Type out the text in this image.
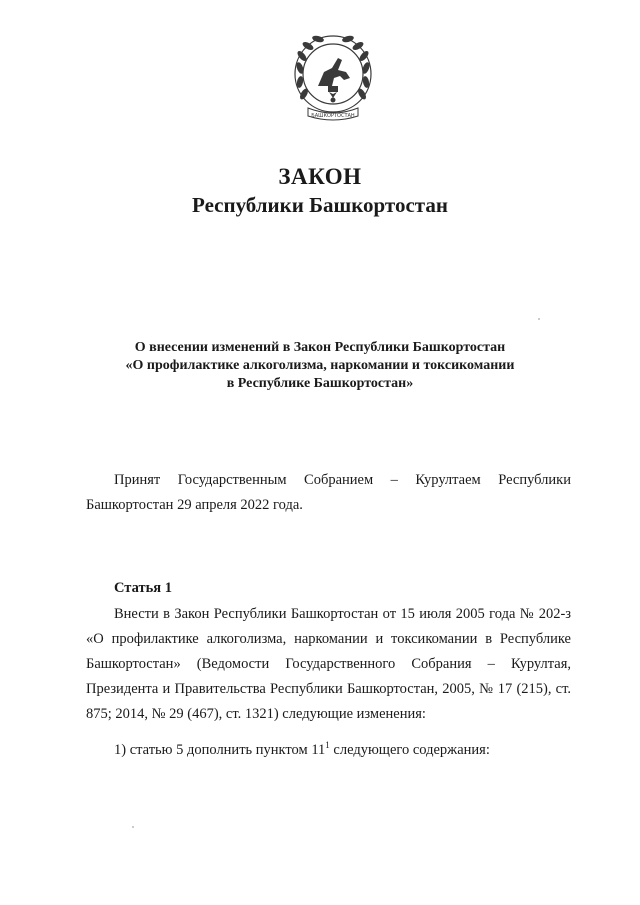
БАШКОРТОСТАН
ЗАКОН
Республики Башкортостан
О внесении изменений в Закон Республики Башкортостан
«О профилактике алкоголизма, наркомании и токсикомании
в Республике Башкортостан»
Принят Государственным Собранием – Курултаем Республики Башкортостан 29 апреля 2022 года.
Статья 1
Внести в Закон Республики Башкортостан от 15 июля 2005 года № 202-з «О профилактике алкоголизма, наркомании и токсикомании в Республике Башкортостан» (Ведомости Государственного Собрания – Курултая, Президента и Правительства Республики Башкортостан, 2005, № 17 (215), ст. 875; 2014, № 29 (467), ст. 1321) следующие изменения:
1) статью 5 дополнить пунктом $11^1$ следующего содержания:
